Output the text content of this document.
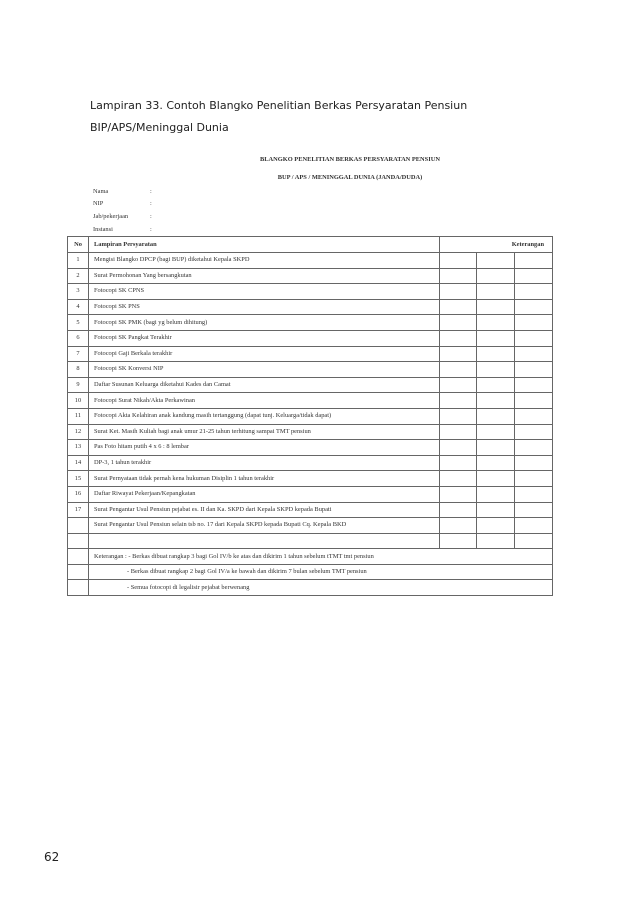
Lampiran 33. Contoh Blangko Penelitian Berkas Persyaratan Pensiun
BIP/APS/Meninggal Dunia
BLANGKO PENELITIAN BERKAS PERSYARATAN PENSIUN
BUP / APS / MENINGGAL DUNIA (JANDA/DUDA)
Nama	:
NIP	:
Jab/pekerjaan	:
Instansi	:
No	Lampiran Persyaratan	Keterangan		
1	Mengisi Blangko DPCP (bagi BUP) diketahui Kepala SKPD			
2	Surat Permohonan Yang bersangkutan			
3	Fotocopi SK CPNS			
4	Fotocopi SK PNS			
5	Fotocopi SK PMK (bagi yg belum dihitung)			
6	Fotocopi SK Pangkat Terakhir			
7	Fotocopi Gaji Berkala terakhir			
8	Fotocopi SK Konversi NIP			
9	Daftar Susunan Keluarga diketahui Kades dan Camat			
10	Fotocopi Surat Nikah/Akta Perkawinan			
11	Fotocopi Akta Kelahiran anak kandung masih tertanggung (dapat tunj. Keluarga/tidak dapat)			
12	Surat Ket. Masih Kuliah bagi anak umur 21-25 tahun terhitung sampai TMT pensiun			
13	Pas Foto hitam putih 4 x 6 : 8 lembar			
14	DP-3, 1 tahun terakhir			
15	Surat Pernyataan tidak pernah kena hukuman Disiplin 1 tahun terakhir			
16	Daftar Riwayat Pekerjaan/Kepangkatan			
17	Surat Pengantar Usul Pensiun pejabat es. II dan Ka. SKPD dari Kepala SKPD kepada Bupati			
	Surat Pengantar Usul Pensiun selain tsb no. 17 dari Kepala SKPD kepada Bupati Cq. Kepala BKD			

	Keterangan : - Berkas dibuat rangkap 3 bagi Gol IV/b ke atas dan dikirim 1 tahun sebelum tTMT tmt pensiun			
	- Berkas dibuat rangkap 2 bagi Gol IV/a ke bawah dan dikirim 7 bulan sebelum TMT pensiun			
	- Semua fotocopi di legalisir pejabat berwenang			
62
